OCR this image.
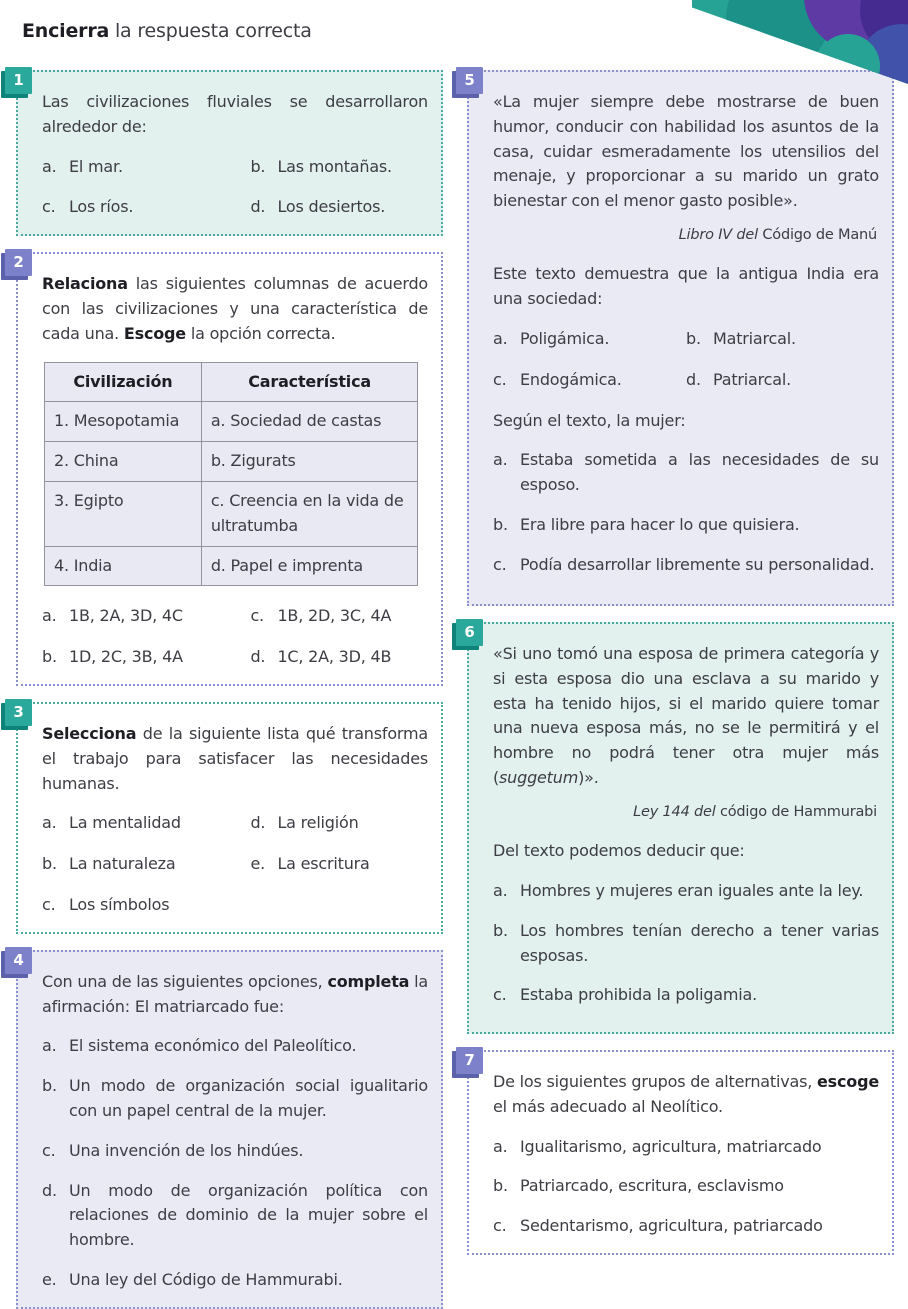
Encierra la respuesta correcta
1
Las civilizaciones fluviales se desarrollaron alrededor de:
a. El mar.	b. Las montañas.
c. Los ríos.	d. Los desiertos.
2
Relaciona las siguientes columnas de acuerdo con las civilizaciones y una característica de cada una. Escoge la opción correcta.
Civilización	Característica
1. Mesopotamia	a. Sociedad de castas
2. China	b. Zigurats
3. Egipto	c. Creencia en la vida de ultratumba
4. India	d. Papel e imprenta
a. 1B, 2A, 3D, 4C	c. 1B, 2D, 3C, 4A
b. 1D, 2C, 3B, 4A	d. 1C, 2A, 3D, 4B
3
Selecciona de la siguiente lista qué transforma el trabajo para satisfacer las necesidades humanas.
a. La mentalidad	d. La religión
b. La naturaleza	e. La escritura
c. Los símbolos
4
Con una de las siguientes opciones, completa la afirmación: El matriarcado fue:
a. El sistema económico del Paleolítico.
b. Un modo de organización social igualitario con un papel central de la mujer.
c. Una invención de los hindúes.
d. Un modo de organización política con relaciones de dominio de la mujer sobre el hombre.
e. Una ley del Código de Hammurabi.
5
«La mujer siempre debe mostrarse de buen humor, conducir con habilidad los asuntos de la casa, cuidar esmeradamente los utensilios del menaje, y proporcionar a su marido un grato bienestar con el menor gasto posible».
Libro IV del Código de Manú
Este texto demuestra que la antigua India era una sociedad:
a. Poligámica.	b. Matriarcal.
c. Endogámica.	d. Patriarcal.
Según el texto, la mujer:
a. Estaba sometida a las necesidades de su esposo.
b. Era libre para hacer lo que quisiera.
c. Podía desarrollar libremente su personalidad.
6
«Si uno tomó una esposa de primera categoría y si esta esposa dio una esclava a su marido y esta ha tenido hijos, si el marido quiere tomar una nueva esposa más, no se le permitirá y el hombre no podrá tener otra mujer más (suggetum)».
Ley 144 del código de Hammurabi
Del texto podemos deducir que:
a. Hombres y mujeres eran iguales ante la ley.
b. Los hombres tenían derecho a tener varias esposas.
c. Estaba prohibida la poligamia.
7
De los siguientes grupos de alternativas, escoge el más adecuado al Neolítico.
a. Igualitarismo, agricultura, matriarcado
b. Patriarcado, escritura, esclavismo
c. Sedentarismo, agricultura, patriarcado
